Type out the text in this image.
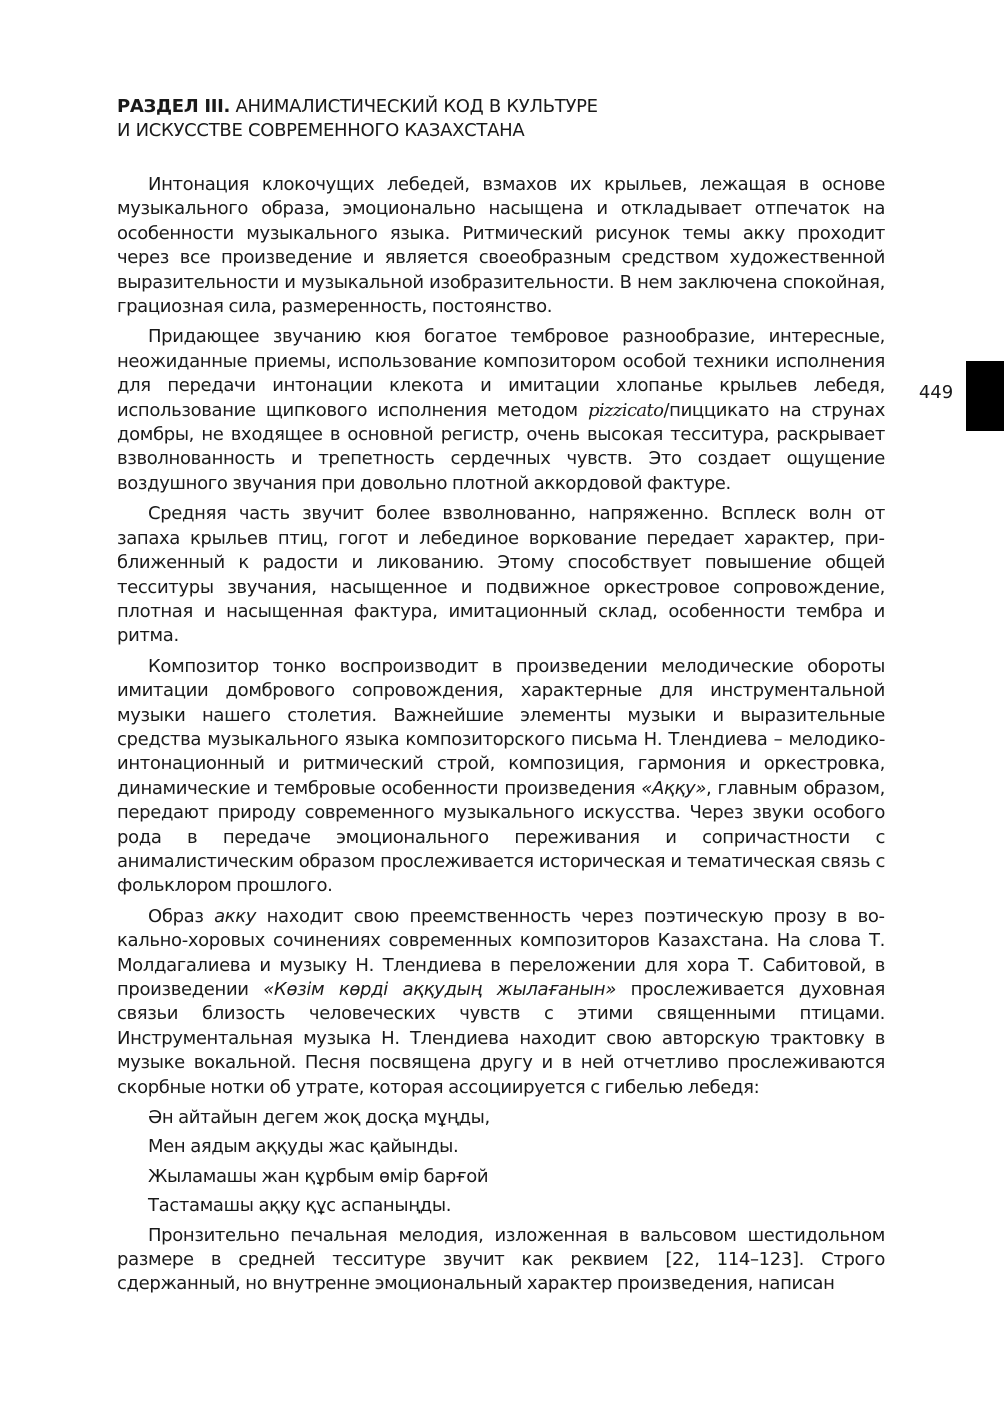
РАЗДЕЛ III. АНИМАЛИСТИЧЕСКИЙ КОД В КУЛЬТУРЕ
И ИСКУССТВЕ СОВРЕМЕННОГО КАЗАХСТАНА
449

Интонация клокочущих лебедей, взмахов их крыльев, лежащая в основе музыкального образа, эмоционально насыщена и откладывает отпечаток на особенности музыкального языка. Ритмический рисунок темы акку проходит через все произведение и является своеобразным средством художественной выразительности и музыкальной изобразительности. В нем заключена спокойная, грациозная сила, размеренность, постоянство.

Придающее звучанию кюя богатое тембровое разнообразие, интересные, неожиданные приемы, использование композитором особой техники исполнения для передачи интонации клекота и имитации хлопанье крыльев лебедя, использование щипкового исполнения методом pizzicato/пиццикато на струнах домбры, не входящее в основной регистр, очень высокая тесситура, раскрывает взволнованность и трепетность сердечных чувств. Это создает ощущение воздушного звучания при довольно плотной аккордовой фактуре.

Средняя часть звучит более взволнованно, напряженно. Всплеск волн от запаха крыльев птиц, гогот и лебединое воркование передает характер, приближенный к радости и ликованию. Этому способствует повышение общей тесситуры звучания, насыщенное и подвижное оркестровое сопровождение, плотная и насыщенная фактура, имитационный склад, особенности тембра и ритма.

Композитор тонко воспроизводит в произведении мелодические обороты имитации домбрового сопровождения, характерные для инструментальной музыки нашего столетия. Важнейшие элементы музыки и выразительные средства музыкального языка композиторского письма Н. Тлендиева – мелодико-интонационный и ритмический строй, композиция, гармония и оркестровка, динамические и тембровые особенности произведения «Аққу», главным образом, передают природу современного музыкального искусства. Через звуки особого рода в передаче эмоционального переживания и сопричастности с анималистическим образом прослеживается историческая и тематическая связь с фольклором прошлого.

Образ акку находит свою преемственность через поэтическую прозу в вокально-хоровых сочинениях современных композиторов Казахстана. На слова Т. Молдагалиева и музыку Н. Тлендиева в переложении для хора Т. Сабитовой, в произведении «Көзім көрді аққудың жылағанын» прослеживается духовная связьи близость человеческих чувств с этими священными птицами. Инструментальная музыка Н. Тлендиева находит свою авторскую трактовку в музыке вокальной. Песня посвящена другу и в ней отчетливо прослеживаются скорбные нотки об утрате, которая ассоциируется с гибелью лебедя:

Ән айтайын дегем жоқ досқа мұңды,

Мен аядым аққуды жас қайынды.

Жыламашы жан құрбым өмір барғой

Тастамашы аққу құс аспаныңды.

Пронзительно печальная мелодия, изложенная в вальсовом шестидольном размере в средней тесситуре звучит как реквием [22, 114–123]. Строго сдержанный, но внутренне эмоциональный характер произведения, написан
